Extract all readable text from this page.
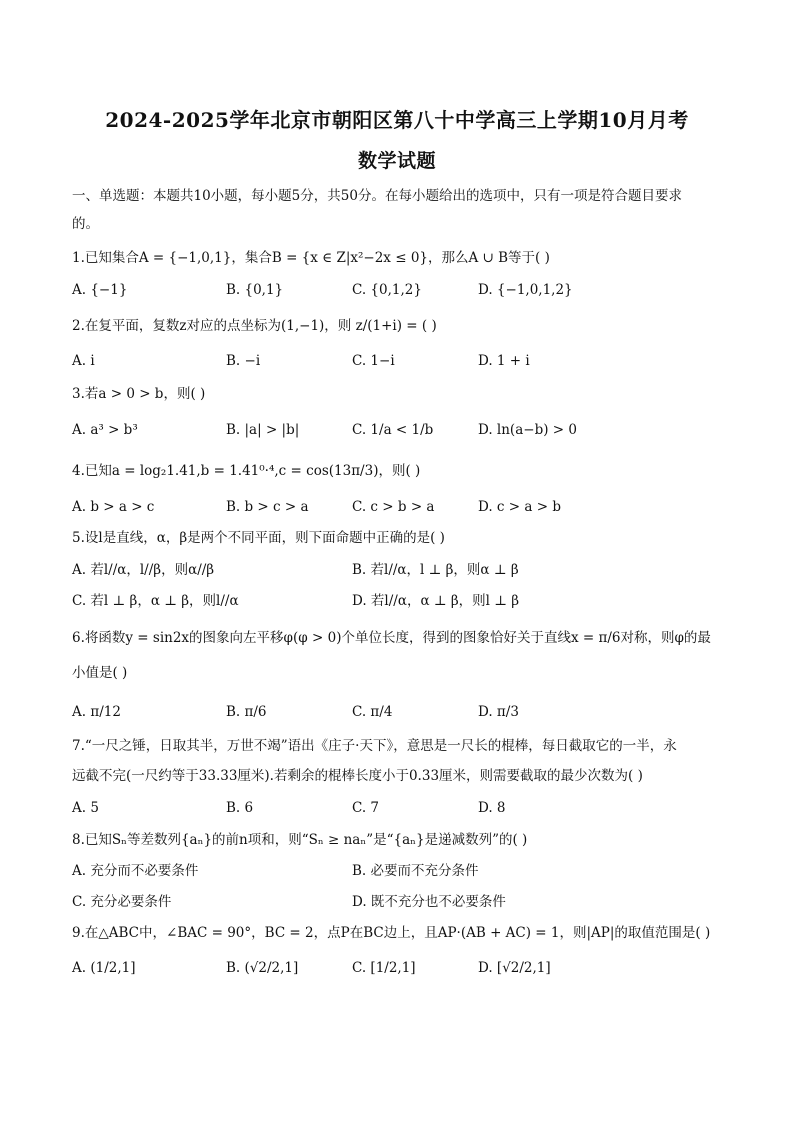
2024-2025学年北京市朝阳区第八十中学高三上学期10月月考
数学试题
一、单选题：本题共10小题，每小题5分，共50分。在每小题给出的选项中，只有一项是符合题目要求
的。
1.已知集合A = {−1,0,1}，集合B = {x ∈ Z|x²−2x ≤ 0}，那么A ∪ B等于( )
A. {−1}	B. {0,1}	C. {0,1,2}	D. {−1,0,1,2}
2.在复平面，复数z对应的点坐标为(1,−1)，则 z/(1+i) = ( )
A. i	B. −i	C. 1−i	D. 1 + i
3.若a > 0 > b，则( )
A. a³ > b³	B. |a| > |b|	C. 1/a < 1/b	D. ln(a−b) > 0
4.已知a = log₂1.41,b = 1.41⁰·⁴,c = cos(13π/3)，则( )
A. b > a > c	B. b > c > a	C. c > b > a	D. c > a > b
5.设l是直线，α，β是两个不同平面，则下面命题中正确的是( )
A. 若l//α，l//β，则α//β	B. 若l//α，l ⊥ β，则α ⊥ β
C. 若l ⊥ β，α ⊥ β，则l//α	D. 若l//α，α ⊥ β，则l ⊥ β
6.将函数y = sin2x的图象向左平移φ(φ > 0)个单位长度，得到的图象恰好关于直线x = π/6对称，则φ的最
小值是( )
A. π/12	B. π/6	C. π/4	D. π/3
7.“一尺之锤，日取其半，万世不竭”语出《庄子·天下》，意思是一尺长的棍棒，每日截取它的一半，永
远截不完(一尺约等于33.33厘米).若剩余的棍棒长度小于0.33厘米，则需要截取的最少次数为( )
A. 5	B. 6	C. 7	D. 8
8.已知Sₙ等差数列{aₙ}的前n项和，则“Sₙ ≥ naₙ”是“{aₙ}是递减数列”的( )
A. 充分而不必要条件	B. 必要而不充分条件
C. 充分必要条件	D. 既不充分也不必要条件
9.在△ABC中，∠BAC = 90°，BC = 2，点P在BC边上，且AP·(AB + AC) = 1，则|AP|的取值范围是( )
A. (1/2,1]	B. (√2/2,1]	C. [1/2,1]	D. [√2/2,1]
